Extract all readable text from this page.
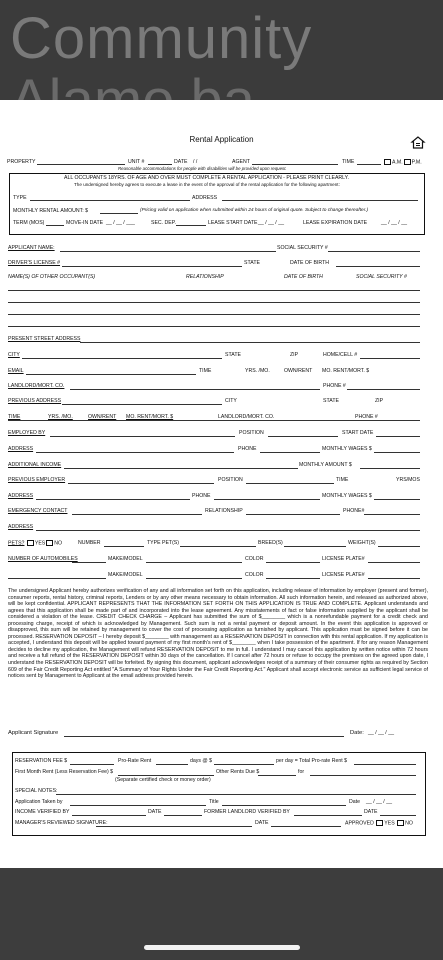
Community
Rental Application
PROPERTY	UNIT #	DATE / /	AGENT	TIME	A.M. P.M.
Reasonable accommodations for people with disabilities will be provided upon request.
ALL OCCUPANTS 18YRS. OF AGE AND OVER MUST COMPLETE A RENTAL APPLICATION - PLEASE PRINT CLEARLY.
The undersigned hereby agrees to execute a lease in the event of the approval of the rental application for the following apartment:
TYPE	ADDRESS
MONTHLY RENTAL AMOUNT: $	(Pricing valid on application when submitted within 24 hours of original quote. Subject to change thereafter.)
TERM (MOS)	MOVE-IN DATE __ / __ / ___	SEC. DEP.	LEASE START DATE __ / __ / __	LEASE EXPIRATION DATE	__ / __ / __
APPLICANT NAME:	SOCIAL SECURITY #
DRIVER'S LICENSE #	STATE	DATE OF BIRTH
NAME(S) OF OTHER OCCUPANT(S)	RELATIONSHIP	DATE OF BIRTH	SOCIAL SECURITY #
PRESENT STREET ADDRESS
CITY	STATE	ZIP	HOME/CELL #
EMAIL	TIME	YRS. /MO.	OWN/RENT MO. RENT/MORT. $
LANDLORD/MORT. CO.	PHONE #
PREVIOUS ADDRESS	CITY	STATE	ZIP
TIME	YRS. /MO.	OWN/RENT MO. RENT/MORT. $	LANDLORD/MORT. CO.	PHONE #
EMPLOYED BY	POSITION	START DATE
ADDRESS	PHONE	MONTHLY WAGES $
ADDITIONAL INCOME	MONTHLY AMOUNT $
PREVIOUS EMPLOYER	POSITION	TIME	YRS/MOS
ADDRESS	PHONE	MONTHLY WAGES $
EMERGENCY CONTACT	RELATIONSHIP	PHONE#
ADDRESS
PETS? YES NO	NUMBER	TYPE PET(S)	BREED(S)	WEIGHT(S)
NUMBER OF AUTOMOBILES	MAKE/MODEL	COLOR	LICENSE PLATE#
MAKE/MODEL	COLOR	LICENSE PLATE#
The undersigned Applicant hereby authorizes verification of any and all information set forth on this application, including release of information by employer (present and former), consumer reports, rental history, criminal reports, Lenders or by any other means necessary to obtain information. All such information herein, and released as authorized above, will be kept confidential. APPLICANT REPRESENTS THAT THE INFORMATION SET FORTH ON THIS APPLICATION IS TRUE AND COMPLETE. Applicant understands and agrees that this application shall be made part of and incorporated into the lease agreement. Any misstatements of fact or false information supplied by the applicant shall be considered a violation of the lease. CREDIT CHECK CHARGE – Applicant has submitted the sum of $________ which is a nonrefundable payment for a credit check and processing charge, receipt of which is acknowledged by Management. Such sum is not a rental payment or deposit amount. In the event this application is approved or disapproved, this sum will be retained by management to cover the cost of processing application as furnished by applicant. This application must be signed before it can be processed. RESERVATION DEPOSIT – I hereby deposit $________ with management as a RESERVATION DEPOSIT in connection with this rental application. If my application is accepted, I understand this deposit will be applied toward payment of my first month's rent of $________ when I take possession of the apartment. If for any reason Management decides to decline my application, the Management will refund RESERVATION DEPOSIT to me in full. I understand I may cancel this application by written notice within 72 hours and receive a full refund of the RESERVATION DEPOSIT within 30 days of the cancellation. If I cancel after 72 hours or refuse to occupy the premises on the agreed upon date, I understand the RESERVATION DEPOSIT will be forfeited. By signing this document, applicant acknowledges receipt of a summary of their consumer rights as required by Section 609 of the Fair Credit Reporting Act entitled "A Summary of Your Rights Under the Fair Credit Reporting Act." Applicant shall accept electronic service as sufficient legal service of notices sent by Management to Applicant at the email address provided herein.
Applicant Signature	Date: __ / __ / __
RESERVATION FEE $	Pro-Rate Rent	days @ $	per day = Total Pro-rate Rent $
First Month Rent (Less Reservation Fee) $	Other Rents Due $	for
(Separate certified check or money order)
SPECIAL NOTES:
Application Taken by	Title	Date __ / __ / __
INCOME VERIFIED BY	DATE	FORMER LANDLORD VERIFIED BY	DATE
MANAGER'S REVIEWED SIGNATURE:	DATE	APPROVED YES NO
